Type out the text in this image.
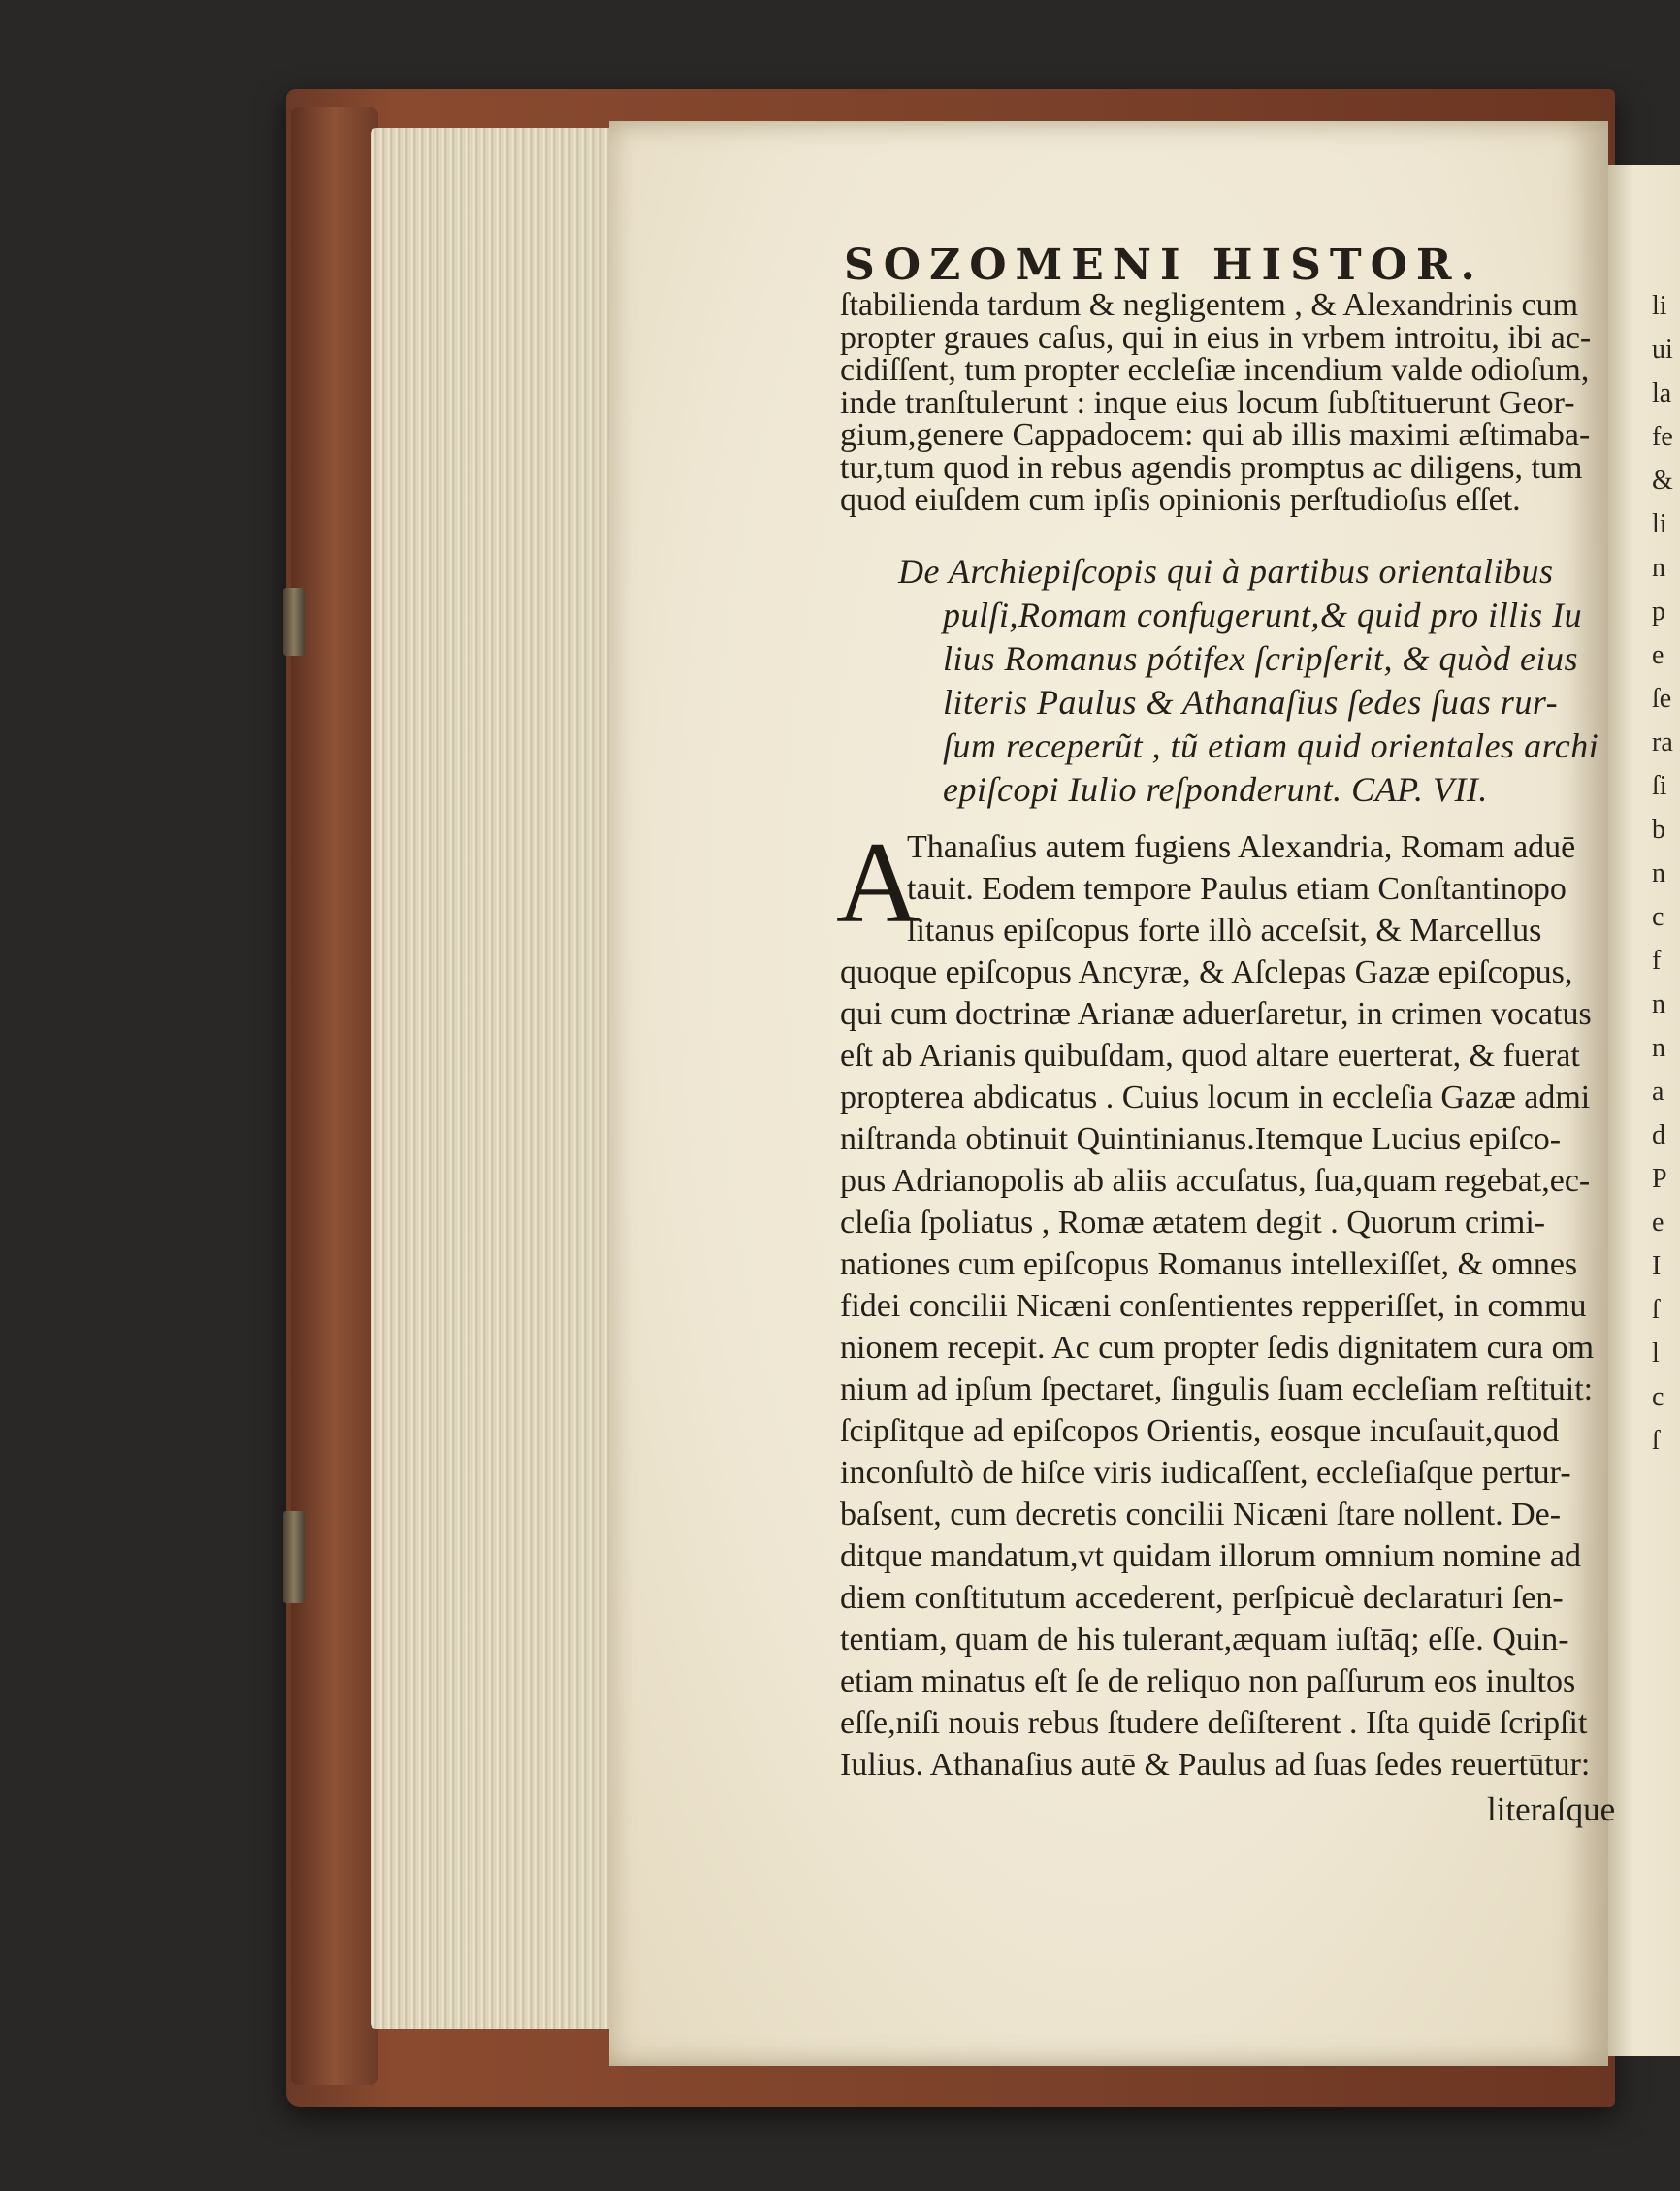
li
ui
la
fe
&
li
n
p
e
ſe
ra
ſi
b
n
c
f
n
n
a
d
P
e
I
ſ
l
c
ſ
SOZOMENI HISTOR.
ſtabilienda tardum & negligentem , & Alexandrinis cum
propter graues caſus, qui in eius in vrbem introitu, ibi ac-
cidiſſent, tum propter eccleſiæ incendium valde odioſum,
inde tranſtulerunt : inque eius locum ſubſtituerunt Geor-
gium,genere Cappadocem: qui ab illis maximi æſtimaba-
tur,tum quod in rebus agendis promptus ac diligens, tum
quod eiuſdem cum ipſis opinionis perſtudioſus eſſet.
De Archiepiſcopis qui à partibus orientalibus
pulſi,Romam confugerunt,& quid pro illis Iu
lius Romanus pótifex ſcripſerit, & quòd eius
literis Paulus & Athanaſius ſedes ſuas rur-
ſum receperũt , tũ etiam quid orientales archi
epiſcopi Iulio reſponderunt. CAP. VII.
A
Thanaſius autem fugiens Alexandria, Romam aduē
tauit. Eodem tempore Paulus etiam Conſtantinopo
litanus epiſcopus forte illò acceſsit, & Marcellus
quoque epiſcopus Ancyræ, & Aſclepas Gazæ epiſcopus,
qui cum doctrinæ Arianæ aduerſaretur, in crimen vocatus
eſt ab Arianis quibuſdam, quod altare euerterat, & fuerat
propterea abdicatus . Cuius locum in eccleſia Gazæ admi
niſtranda obtinuit Quintinianus.Itemque Lucius epiſco-
pus Adrianopolis ab aliis accuſatus, ſua,quam regebat,ec-
cleſia ſpoliatus , Romæ ætatem degit . Quorum crimi-
nationes cum epiſcopus Romanus intellexiſſet, & omnes
fidei concilii Nicæni conſentientes repperiſſet, in commu
nionem recepit. Ac cum propter ſedis dignitatem cura om
nium ad ipſum ſpectaret, ſingulis ſuam eccleſiam reſtituit:
ſcipſitque ad epiſcopos Orientis, eosque incuſauit,quod
inconſultò de hiſce viris iudicaſſent, eccleſiaſque pertur-
baſsent, cum decretis concilii Nicæni ſtare nollent. De-
ditque mandatum,vt quidam illorum omnium nomine ad
diem conſtitutum accederent, perſpicuè declaraturi ſen-
tentiam, quam de his tulerant,æquam iuſtāq; eſſe. Quin-
etiam minatus eſt ſe de reliquo non paſſurum eos inultos
eſſe,niſi nouis rebus ſtudere deſiſterent . Iſta quidē ſcripſit
Iulius. Athanaſius autē & Paulus ad ſuas ſedes reuertūtur:
literaſque
